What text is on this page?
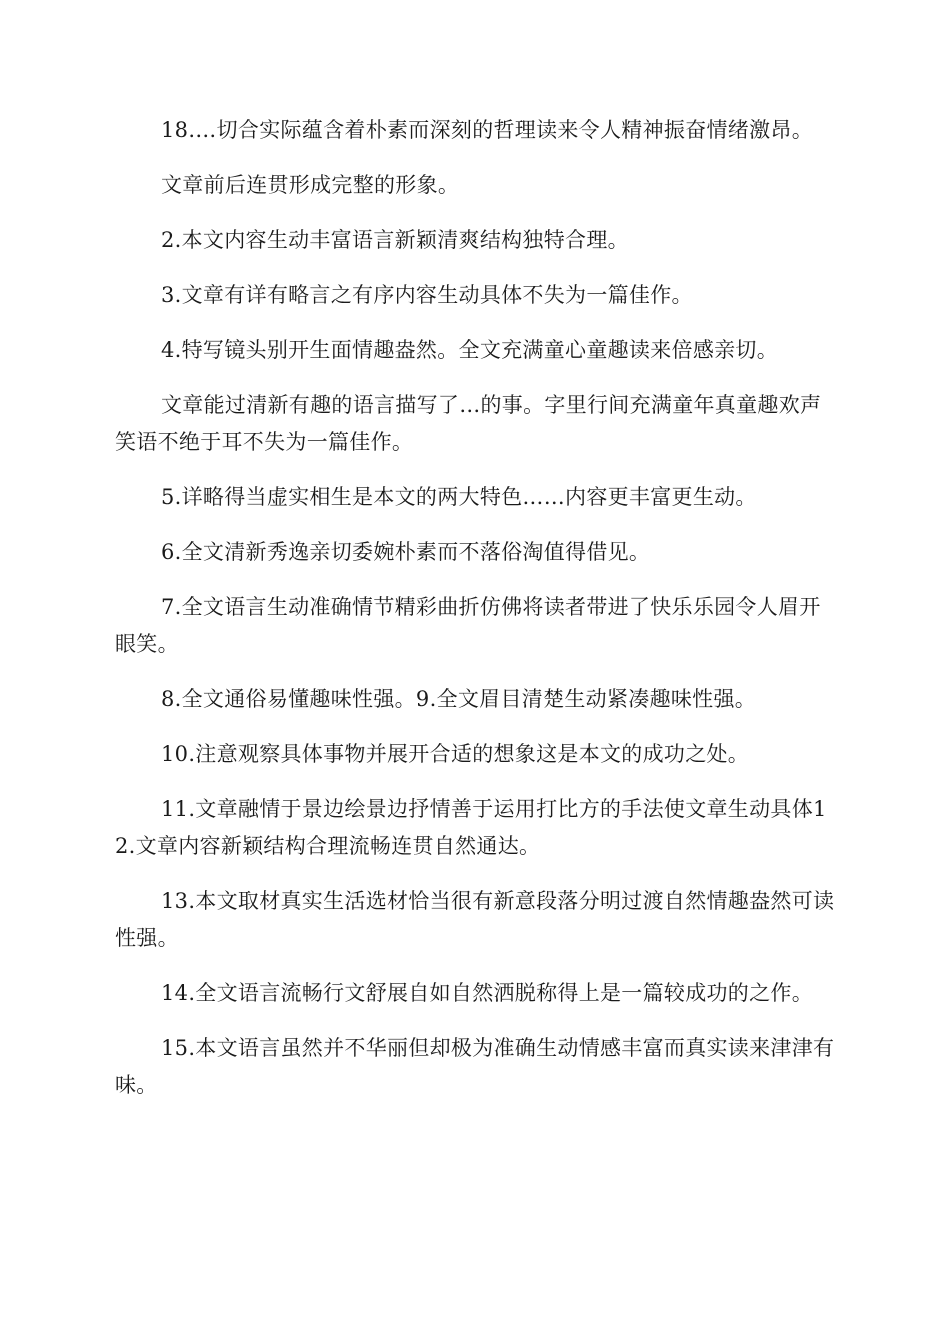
18.…切合实际蕴含着朴素而深刻的哲理读来令人精神振奋情绪激昂。

文章前后连贯形成完整的形象。

2.本文内容生动丰富语言新颖清爽结构独特合理。

3.文章有详有略言之有序内容生动具体不失为一篇佳作。

4.特写镜头别开生面情趣盎然。全文充满童心童趣读来倍感亲切。

文章能过清新有趣的语言描写了…的事。字里行间充满童年真童趣欢声笑语不绝于耳不失为一篇佳作。

5.详略得当虚实相生是本文的两大特色……内容更丰富更生动。

6.全文清新秀逸亲切委婉朴素而不落俗淘值得借见。

7.全文语言生动准确情节精彩曲折仿佛将读者带进了快乐乐园令人眉开眼笑。

8.全文通俗易懂趣味性强。9.全文眉目清楚生动紧凑趣味性强。

10.注意观察具体事物并展开合适的想象这是本文的成功之处。

11.文章融情于景边绘景边抒情善于运用打比方的手法使文章生动具体12.文章内容新颖结构合理流畅连贯自然通达。

13.本文取材真实生活选材恰当很有新意段落分明过渡自然情趣盎然可读性强。

14.全文语言流畅行文舒展自如自然洒脱称得上是一篇较成功的之作。

15.本文语言虽然并不华丽但却极为准确生动情感丰富而真实读来津津有味。
